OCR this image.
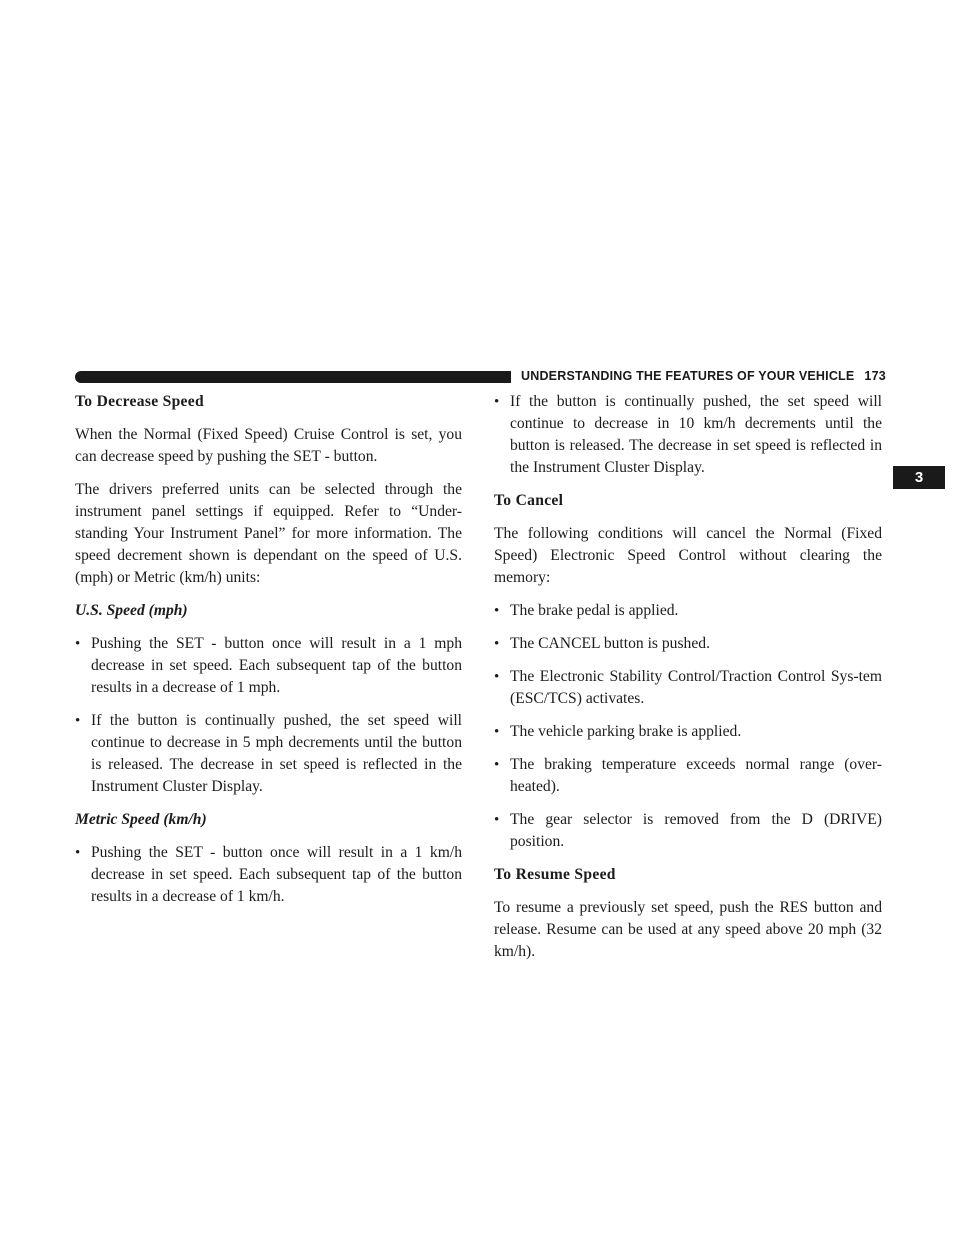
UNDERSTANDING THE FEATURES OF YOUR VEHICLE 173
3
To Decrease Speed

When the Normal (Fixed Speed) Cruise Control is set, you can decrease speed by pushing the SET - button.

The drivers preferred units can be selected through the instrument panel settings if equipped. Refer to “Under-standing Your Instrument Panel” for more information. The speed decrement shown is dependant on the speed of U.S. (mph) or Metric (km/h) units:

U.S. Speed (mph)
• Pushing the SET - button once will result in a 1 mph decrease in set speed. Each subsequent tap of the button results in a decrease of 1 mph.
• If the button is continually pushed, the set speed will continue to decrease in 5 mph decrements until the button is released. The decrease in set speed is reflected in the Instrument Cluster Display.
Metric Speed (km/h)
• Pushing the SET - button once will result in a 1 km/h decrease in set speed. Each subsequent tap of the button results in a decrease of 1 km/h.
• If the button is continually pushed, the set speed will continue to decrease in 10 km/h decrements until the button is released. The decrease in set speed is reflected in the Instrument Cluster Display.
To Cancel

The following conditions will cancel the Normal (Fixed Speed) Electronic Speed Control without clearing the memory:

• The brake pedal is applied.
• The CANCEL button is pushed.
• The Electronic Stability Control/Traction Control Sys-tem (ESC/TCS) activates.
• The vehicle parking brake is applied.
• The braking temperature exceeds normal range (over-heated).
• The gear selector is removed from the D (DRIVE) position.
To Resume Speed

To resume a previously set speed, push the RES button and release. Resume can be used at any speed above 20 mph (32 km/h).
